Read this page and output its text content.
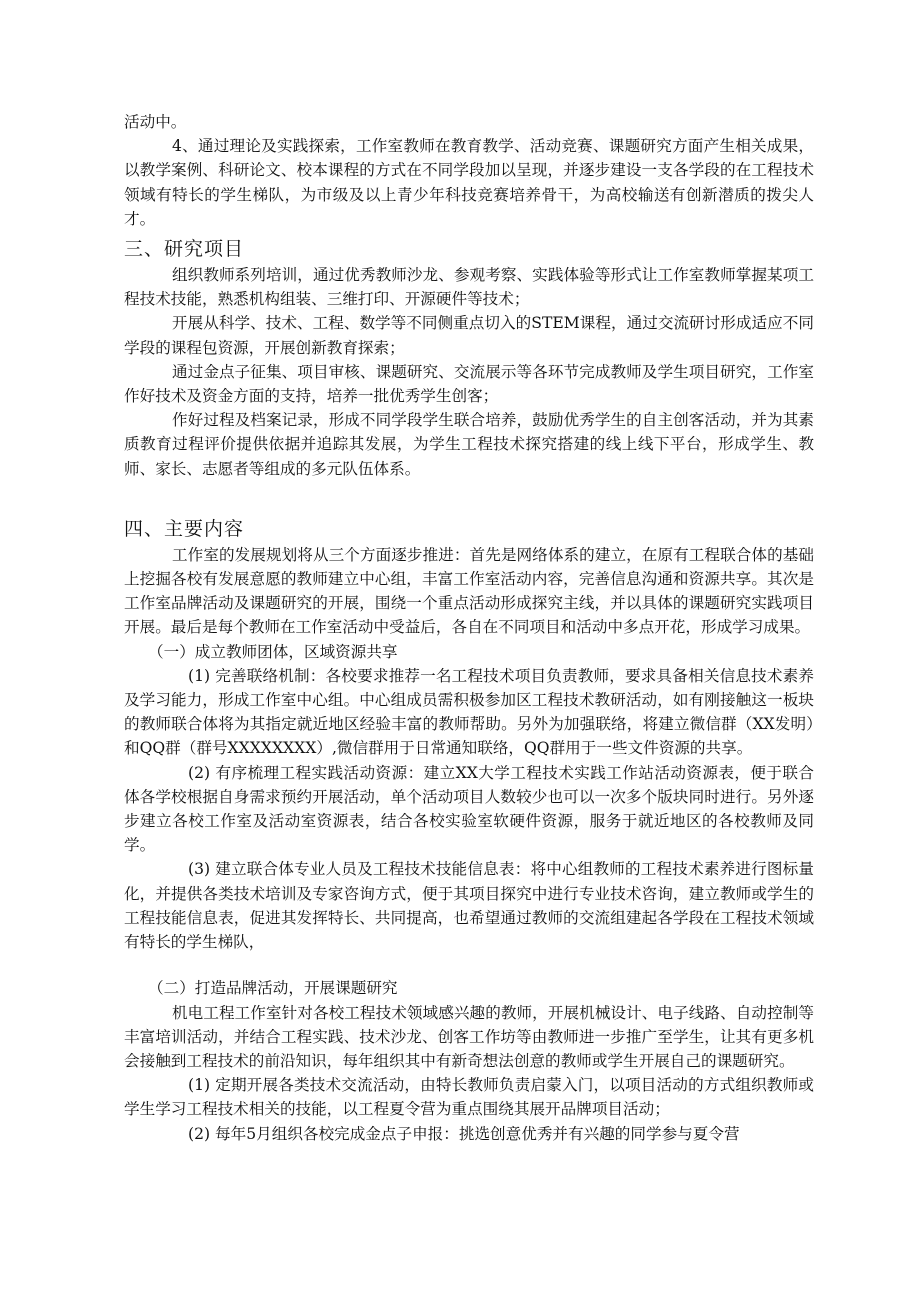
活动中。

4、通过理论及实践探索，工作室教师在教育教学、活动竞赛、课题研究方面产生相关成果，以教学案例、科研论文、校本课程的方式在不同学段加以呈现，并逐步建设一支各学段的在工程技术领域有特长的学生梯队，为市级及以上青少年科技竞赛培养骨干，为高校输送有创新潜质的拨尖人才。

三、研究项目

组织教师系列培训，通过优秀教师沙龙、参观考察、实践体验等形式让工作室教师掌握某项工程技术技能，熟悉机构组装、三维打印、开源硬件等技术；

开展从科学、技术、工程、数学等不同侧重点切入的STEM课程，通过交流研讨形成适应不同学段的课程包资源，开展创新教育探索；

通过金点子征集、项目审核、课题研究、交流展示等各环节完成教师及学生项目研究，工作室作好技术及资金方面的支持，培养一批优秀学生创客；

作好过程及档案记录，形成不同学段学生联合培养，鼓励优秀学生的自主创客活动，并为其素质教育过程评价提供依据并追踪其发展，为学生工程技术探究搭建的线上线下平台，形成学生、教师、家长、志愿者等组成的多元队伍体系。

四、主要内容

工作室的发展规划将从三个方面逐步推进：首先是网络体系的建立，在原有工程联合体的基础上挖掘各校有发展意愿的教师建立中心组，丰富工作室活动内容，完善信息沟通和资源共享。其次是工作室品牌活动及课题研究的开展，围绕一个重点活动形成探究主线，并以具体的课题研究实践项目开展。最后是每个教师在工作室活动中受益后，各自在不同项目和活动中多点开花，形成学习成果。

（一）成立教师团体，区域资源共享

(1) 完善联络机制：各校要求推荐一名工程技术项目负责教师，要求具备相关信息技术素养及学习能力，形成工作室中心组。中心组成员需积极参加区工程技术教研活动，如有刚接触这一板块的教师联合体将为其指定就近地区经验丰富的教师帮助。另外为加强联络，将建立微信群（XX发明）和QQ群（群号XXXXXXXX）,微信群用于日常通知联络，QQ群用于一些文件资源的共享。

(2) 有序梳理工程实践活动资源：建立XX大学工程技术实践工作站活动资源表，便于联合体各学校根据自身需求预约开展活动，单个活动项目人数较少也可以一次多个版块同时进行。另外逐步建立各校工作室及活动室资源表，结合各校实验室软硬件资源，服务于就近地区的各校教师及同学。

(3) 建立联合体专业人员及工程技术技能信息表：将中心组教师的工程技术素养进行图标量化，并提供各类技术培训及专家咨询方式，便于其项目探究中进行专业技术咨询，建立教师或学生的工程技能信息表，促进其发挥特长、共同提高，也希望通过教师的交流组建起各学段在工程技术领域有特长的学生梯队，

（二）打造品牌活动，开展课题研究

机电工程工作室针对各校工程技术领域感兴趣的教师，开展机械设计、电子线路、自动控制等丰富培训活动，并结合工程实践、技术沙龙、创客工作坊等由教师进一步推广至学生，让其有更多机会接触到工程技术的前沿知识，每年组织其中有新奇想法创意的教师或学生开展自己的课题研究。

(1) 定期开展各类技术交流活动，由特长教师负责启蒙入门，以项目活动的方式组织教师或学生学习工程技术相关的技能，以工程夏令营为重点围绕其展开品牌项目活动；

(2) 每年5月组织各校完成金点子申报：挑选创意优秀并有兴趣的同学参与夏令营
